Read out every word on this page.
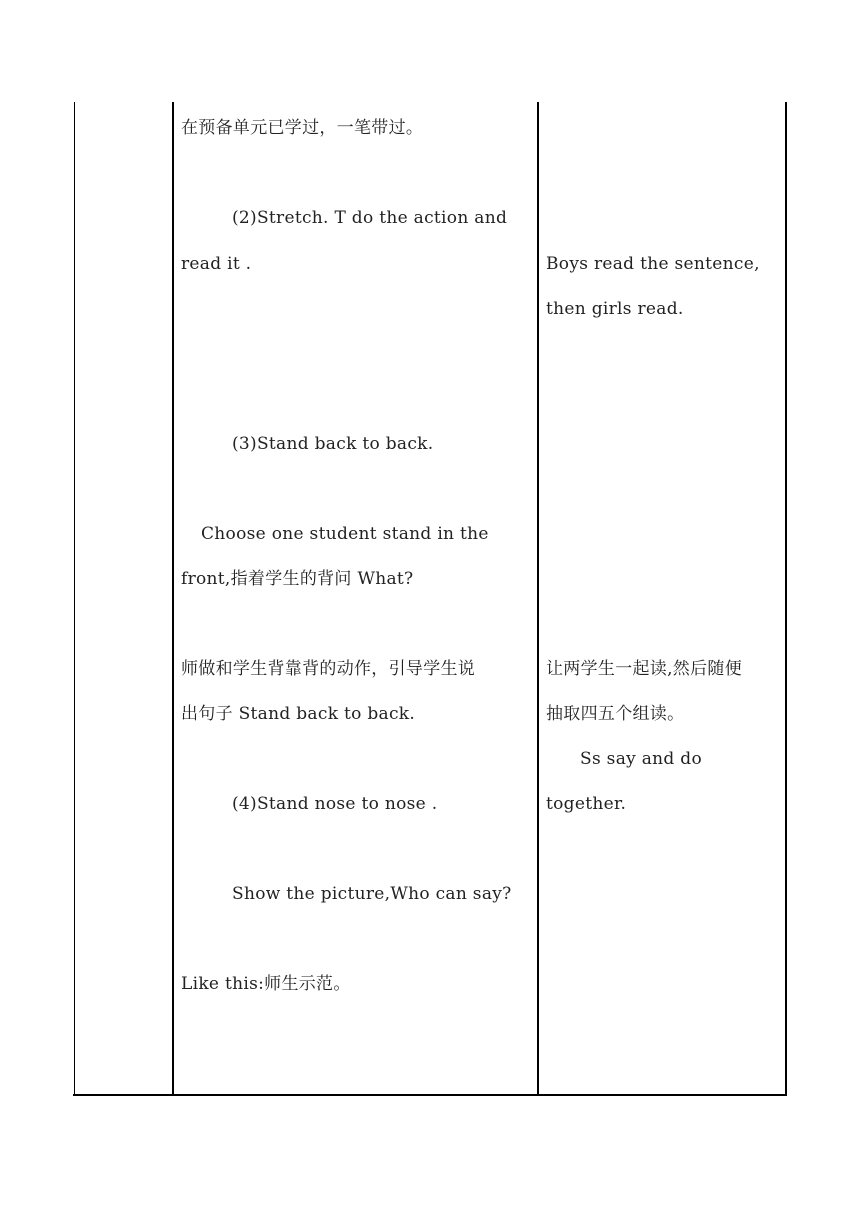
在预备单元已学过，一笔带过。
(2)Stretch. T do the action and
read it .
(3)Stand back to back.
Choose one student stand in the
front,指着学生的背问 What?
师做和学生背靠背的动作，引导学生说
出句子 Stand back to back.
(4)Stand nose to nose .
Show the picture,Who can say?
Like this:师生示范。
Boys read the sentence,
then girls read.
让两学生一起读,然后随便
抽取四五个组读。
Ss say and do
together.
